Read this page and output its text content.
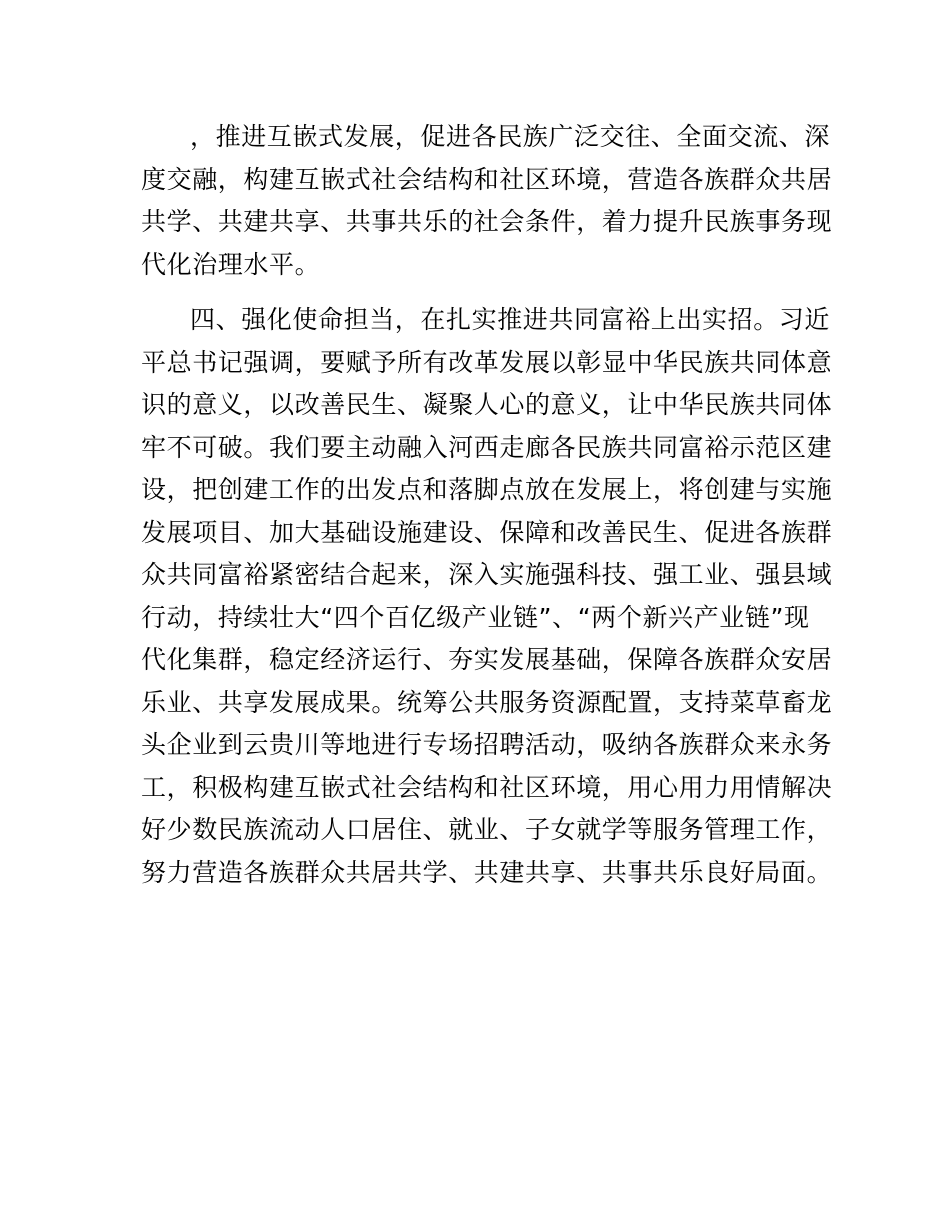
，推进互嵌式发展，促进各民族广泛交往、全面交流、深
度交融，构建互嵌式社会结构和社区环境，营造各族群众共居
共学、共建共享、共事共乐的社会条件，着力提升民族事务现
代化治理水平。
四、强化使命担当，在扎实推进共同富裕上出实招。习近
平总书记强调，要赋予所有改革发展以彰显中华民族共同体意
识的意义，以改善民生、凝聚人心的意义，让中华民族共同体
牢不可破。我们要主动融入河西走廊各民族共同富裕示范区建
设，把创建工作的出发点和落脚点放在发展上，将创建与实施
发展项目、加大基础设施建设、保障和改善民生、促进各族群
众共同富裕紧密结合起来，深入实施强科技、强工业、强县域
行动，持续壮大“四个百亿级产业链”、“两个新兴产业链”现
代化集群，稳定经济运行、夯实发展基础，保障各族群众安居
乐业、共享发展成果。统筹公共服务资源配置，支持菜草畜龙
头企业到云贵川等地进行专场招聘活动，吸纳各族群众来永务
工，积极构建互嵌式社会结构和社区环境，用心用力用情解决
好少数民族流动人口居住、就业、子女就学等服务管理工作，
努力营造各族群众共居共学、共建共享、共事共乐良好局面。
